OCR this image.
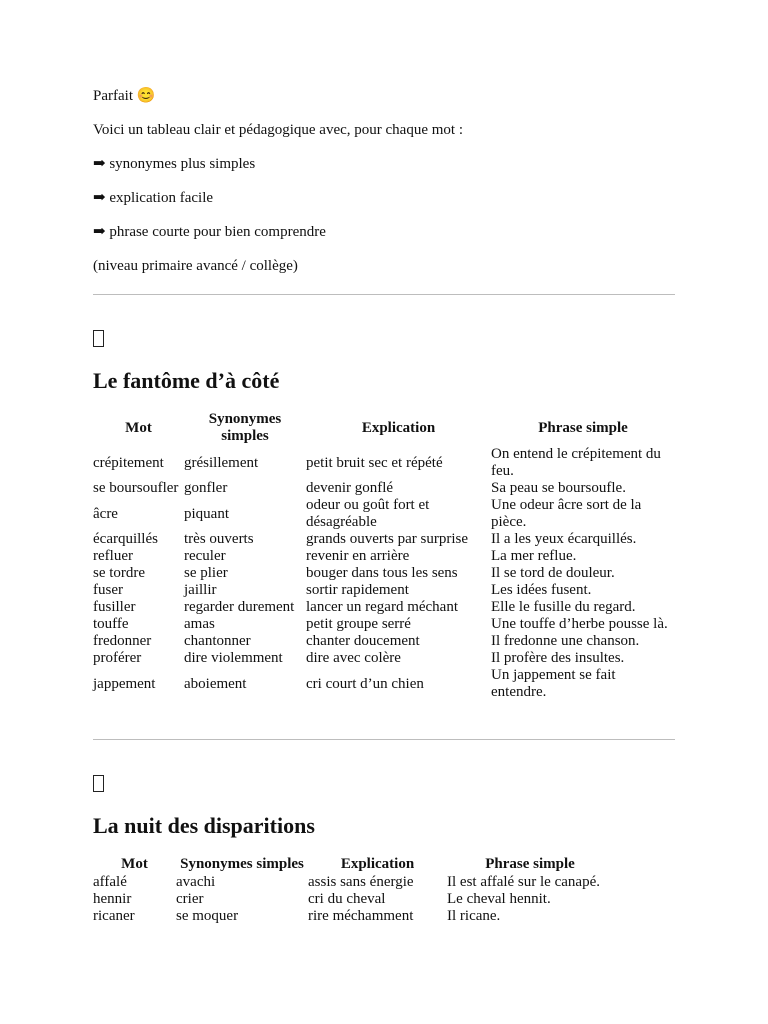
Parfait 😊
Voici un tableau clair et pédagogique avec, pour chaque mot :
➡ synonymes plus simples
➡ explication facile
➡ phrase courte pour bien comprendre
(niveau primaire avancé / collège)
Le fantôme d’à côté
Mot	Synonymes simples	Explication	Phrase simple
crépitement	grésillement	petit bruit sec et répété	On entend le crépitement du feu.
se boursoufler	gonfler	devenir gonflé	Sa peau se boursoufle.
âcre	piquant	odeur ou goût fort et désagréable	Une odeur âcre sort de la pièce.
écarquillés	très ouverts	grands ouverts par surprise	Il a les yeux écarquillés.
refluer	reculer	revenir en arrière	La mer reflue.
se tordre	se plier	bouger dans tous les sens	Il se tord de douleur.
fuser	jaillir	sortir rapidement	Les idées fusent.
fusiller	regarder durement	lancer un regard méchant	Elle le fusille du regard.
touffe	amas	petit groupe serré	Une touffe d’herbe pousse là.
fredonner	chantonner	chanter doucement	Il fredonne une chanson.
proférer	dire violemment	dire avec colère	Il profère des insultes.
jappement	aboiement	cri court d’un chien	Un jappement se fait entendre.
La nuit des disparitions
Mot	Synonymes simples	Explication	Phrase simple
affalé	avachi	assis sans énergie	Il est affalé sur le canapé.
hennir	crier	cri du cheval	Le cheval hennit.
ricaner	se moquer	rire méchamment	Il ricane.
